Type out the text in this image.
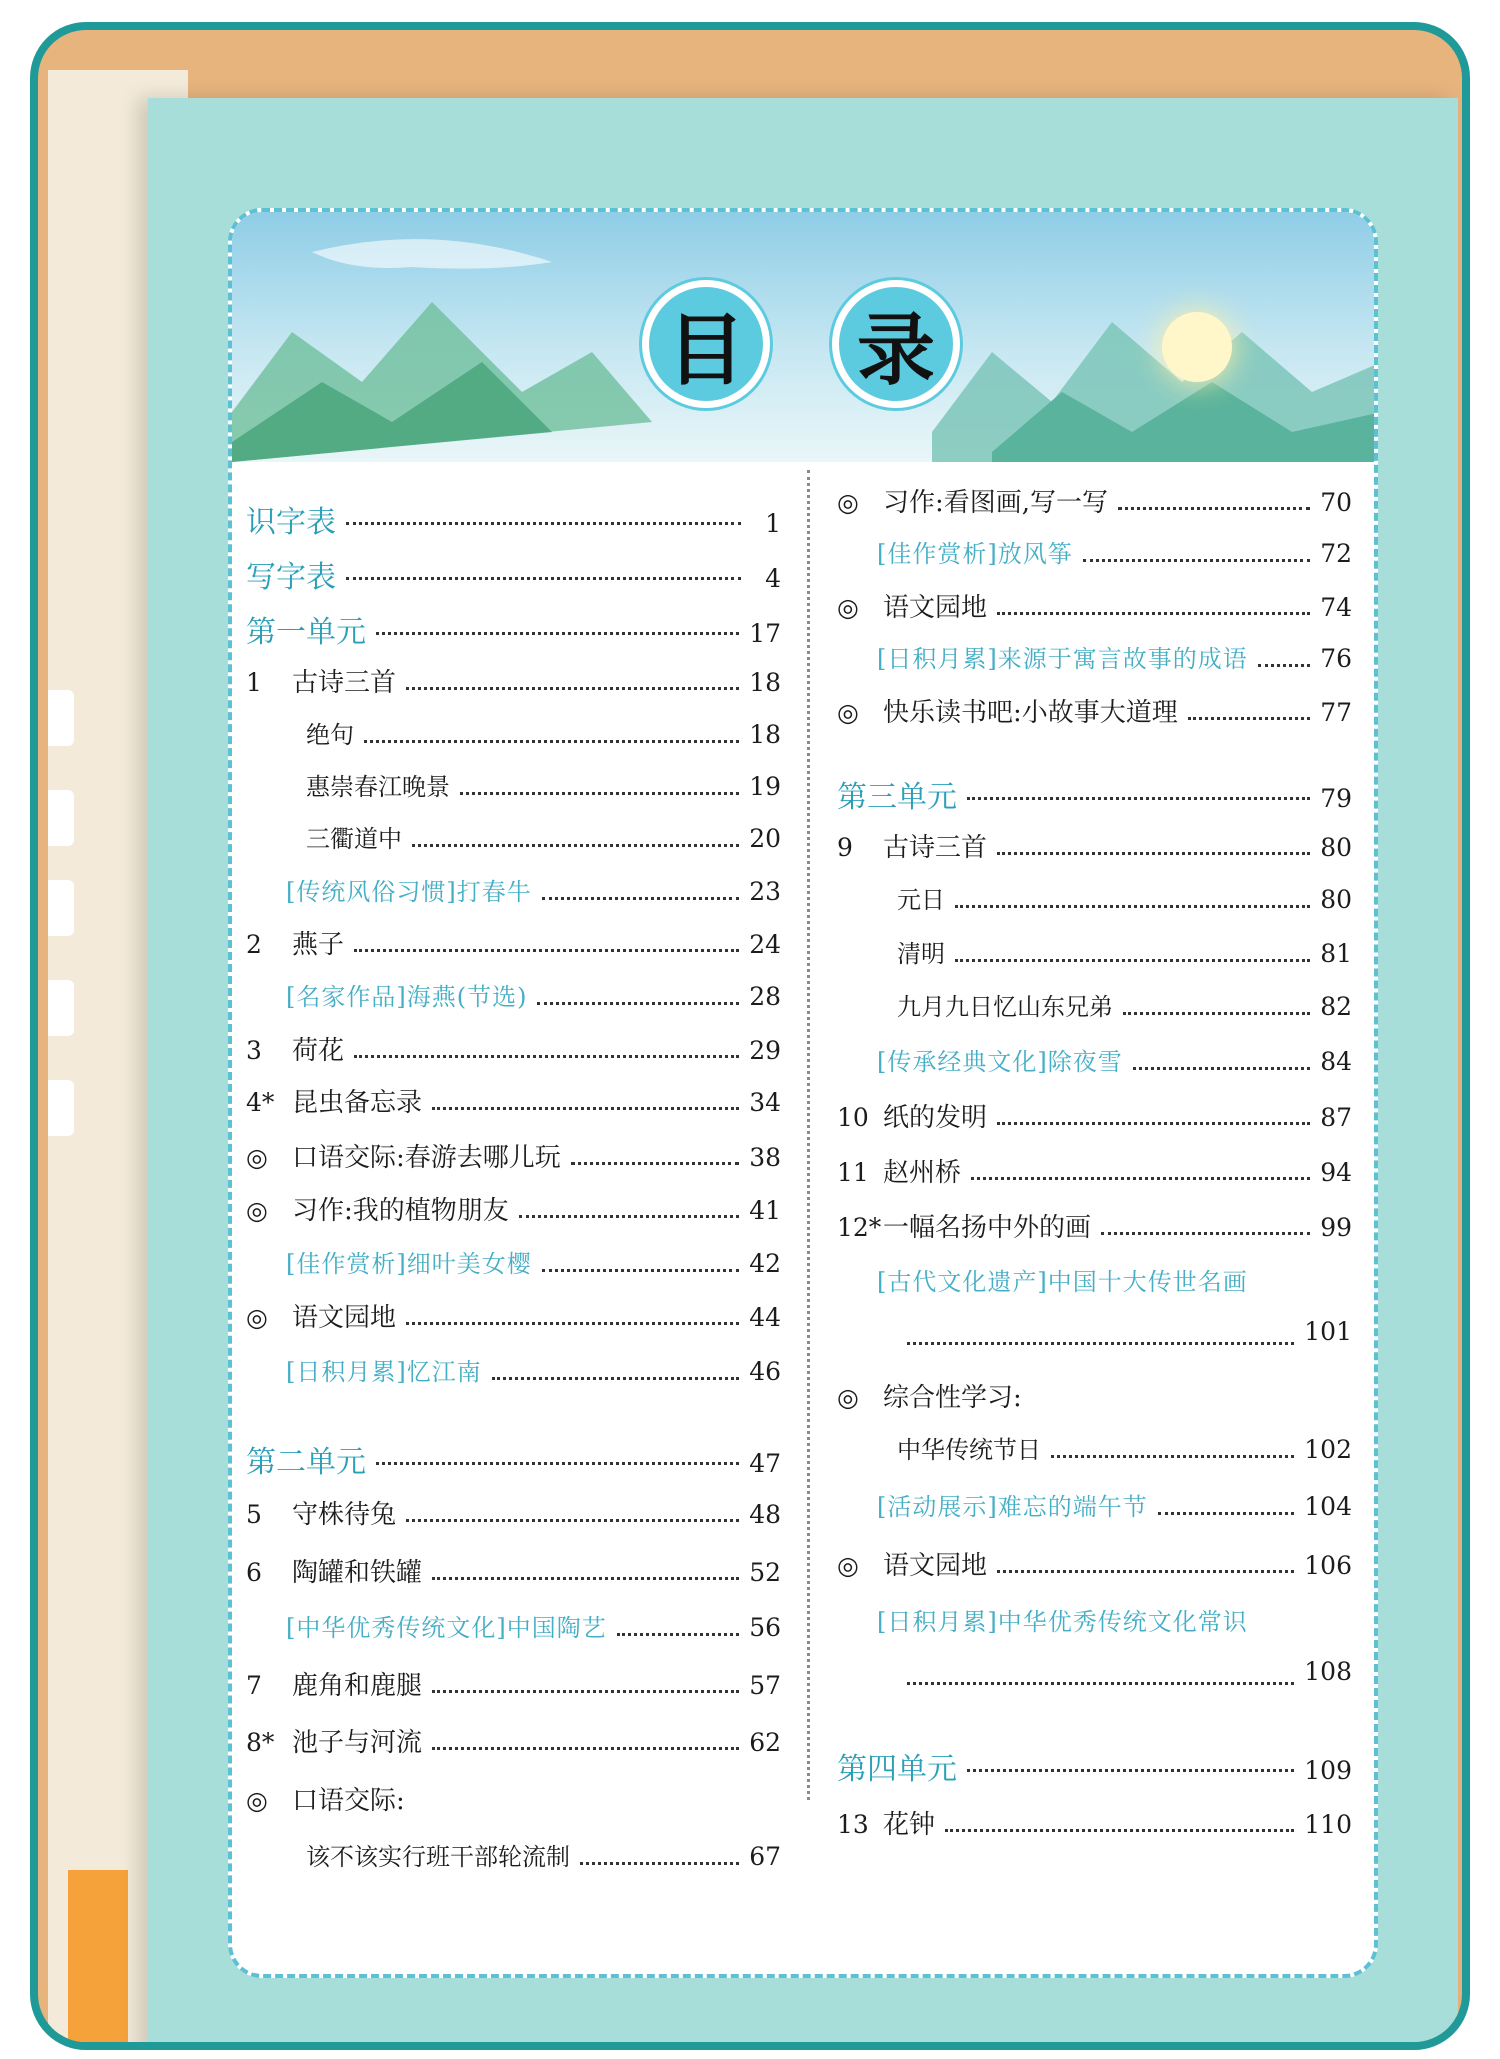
目	录
识字表	1
写字表	4
第一单元	17
1	古诗三首	18
绝句	18
惠崇春江晚景	19
三衢道中	20
[传统风俗习惯]打春牛	23
2	燕子	24
[名家作品]海燕(节选)	28
3	荷花	29
4* 昆虫备忘录	34
◎ 口语交际:春游去哪儿玩	38
◎ 习作:我的植物朋友	41
[佳作赏析]细叶美女樱	42
◎ 语文园地	44
[日积月累]忆江南	46
第二单元	47
5	守株待兔	48
6	陶罐和铁罐	52
[中华优秀传统文化]中国陶艺	56
7	鹿角和鹿腿	57
8* 池子与河流	62
◎ 口语交际:
该不该实行班干部轮流制	67
◎ 习作:看图画,写一写	70
[佳作赏析]放风筝	72
◎ 语文园地	74
[日积月累]来源于寓言故事的成语	76
◎ 快乐读书吧:小故事大道理	77
第三单元	79
9	古诗三首	80
元日	80
清明	81
九月九日忆山东兄弟	82
[传承经典文化]除夜雪	84
10 纸的发明	87
11 赵州桥	94
12* 一幅名扬中外的画	99
[古代文化遗产]中国十大传世名画
101
◎ 综合性学习:
中华传统节日	102
[活动展示]难忘的端午节	104
◎ 语文园地	106
[日积月累]中华优秀传统文化常识
108
第四单元	109
13 花钟	110
